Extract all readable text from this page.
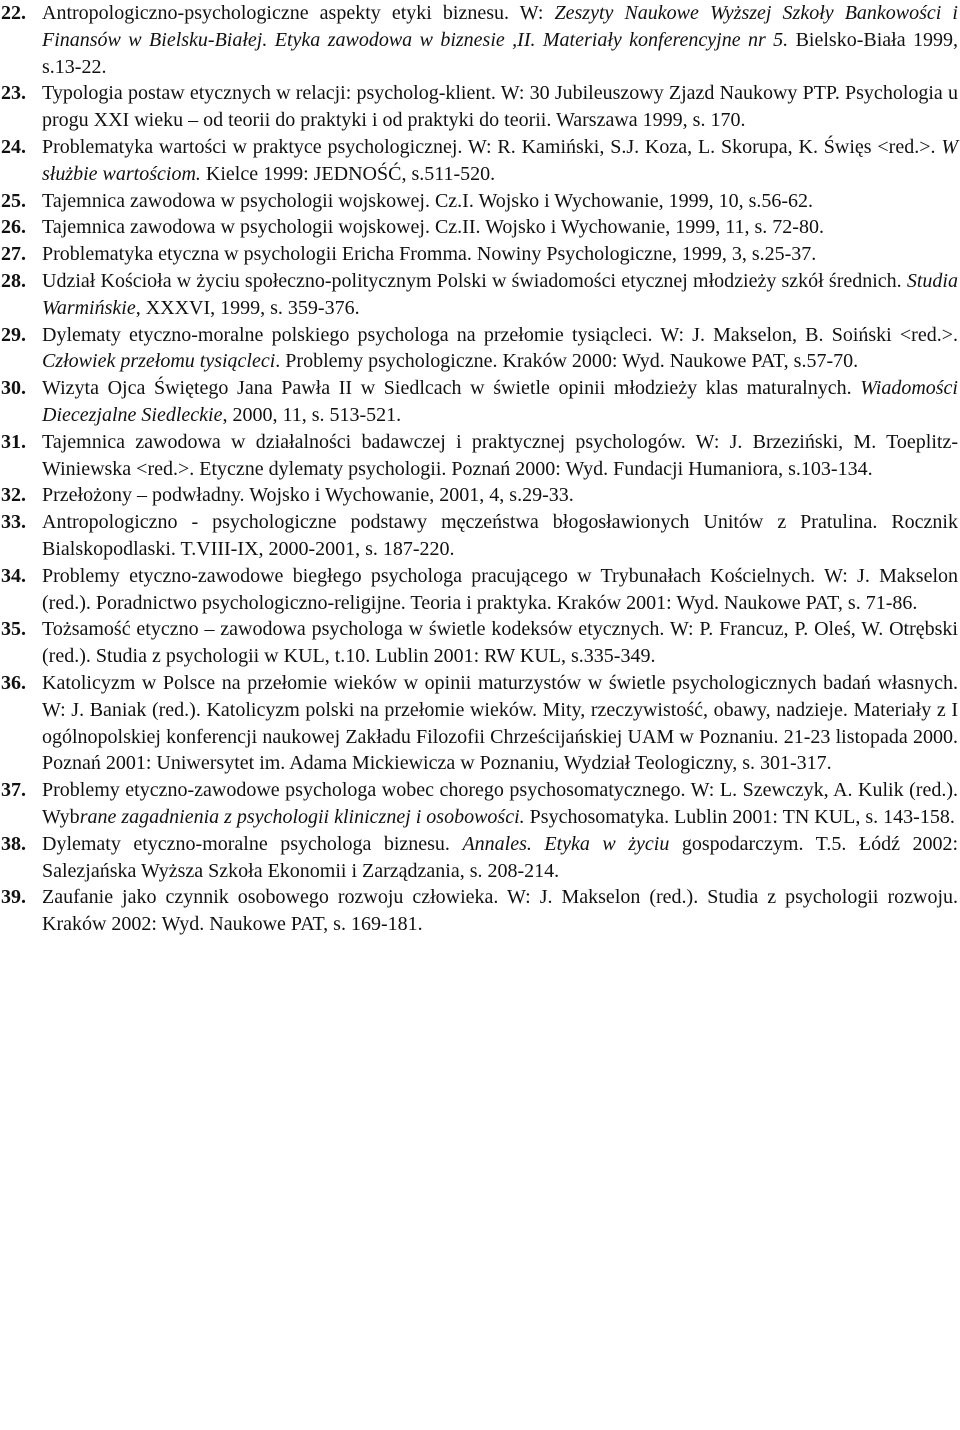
22. Antropologiczno-psychologiczne aspekty etyki biznesu. W: Zeszyty Naukowe Wyższej Szkoły Bankowości i Finansów w Bielsku-Białej. Etyka zawodowa w biznesie ,II. Materiały konferencyjne nr 5. Bielsko-Biała 1999, s.13-22.
23. Typologia postaw etycznych w relacji: psycholog-klient. W: 30 Jubileuszowy Zjazd Naukowy PTP. Psychologia u progu XXI wieku – od teorii do praktyki i od praktyki do teorii. Warszawa 1999, s. 170.
24. Problematyka wartości w praktyce psychologicznej. W: R. Kamiński, S.J. Koza, L. Skorupa, K. Święs <red.>. W służbie wartościom. Kielce 1999: JEDNOŚĆ, s.511-520.
25. Tajemnica zawodowa w psychologii wojskowej. Cz.I. Wojsko i Wychowanie, 1999, 10, s.56-62.
26. Tajemnica zawodowa w psychologii wojskowej. Cz.II. Wojsko i Wychowanie, 1999, 11, s. 72-80.
27. Problematyka etyczna w psychologii Ericha Fromma. Nowiny Psychologiczne, 1999, 3, s.25-37.
28. Udział Kościoła w życiu społeczno-politycznym Polski w świadomości etycznej młodzieży szkół średnich. Studia Warmińskie, XXXVI, 1999, s. 359-376.
29. Dylematy etyczno-moralne polskiego psychologa na przełomie tysiącleci. W: J. Makselon, B. Soiński <red.>. Człowiek przełomu tysiącleci. Problemy psychologiczne. Kraków 2000: Wyd. Naukowe PAT, s.57-70.
30. Wizyta Ojca Świętego Jana Pawła II w Siedlcach w świetle opinii młodzieży klas maturalnych. Wiadomości Diecezjalne Siedleckie, 2000, 11, s. 513-521.
31. Tajemnica zawodowa w działalności badawczej i praktycznej psychologów. W: J. Brzeziński, M. Toeplitz-Winiewska <red.>. Etyczne dylematy psychologii. Poznań 2000: Wyd. Fundacji Humaniora, s.103-134.
32. Przełożony – podwładny. Wojsko i Wychowanie, 2001, 4, s.29-33.
33. Antropologiczno - psychologiczne podstawy męczeństwa błogosławionych Unitów z Pratulina. Rocznik Bialskopodlaski. T.VIII-IX, 2000-2001, s. 187-220.
34. Problemy etyczno-zawodowe biegłego psychologa pracującego w Trybunałach Kościelnych. W: J. Makselon (red.). Poradnictwo psychologiczno-religijne. Teoria i praktyka. Kraków 2001: Wyd. Naukowe PAT, s. 71-86.
35. Tożsamość etyczno – zawodowa psychologa w świetle kodeksów etycznych. W: P. Francuz, P. Oleś, W. Otrębski (red.). Studia z psychologii w KUL, t.10. Lublin 2001: RW KUL, s.335-349.
36. Katolicyzm w Polsce na przełomie wieków w opinii maturzystów w świetle psychologicznych badań własnych. W: J. Baniak (red.). Katolicyzm polski na przełomie wieków. Mity, rzeczywistość, obawy, nadzieje. Materiały z I ogólnopolskiej konferencji naukowej Zakładu Filozofii Chrześcijańskiej UAM w Poznaniu. 21-23 listopada 2000. Poznań 2001: Uniwersytet im. Adama Mickiewicza w Poznaniu, Wydział Teologiczny, s. 301-317.
37. Problemy etyczno-zawodowe psychologa wobec chorego psychosomatycznego. W: L. Szewczyk, A. Kulik (red.). Wybrane zagadnienia z psychologii klinicznej i osobowości. Psychosomatyka. Lublin 2001: TN KUL, s. 143-158.
38. Dylematy etyczno-moralne psychologa biznesu. Annales. Etyka w życiu gospodarczym. T.5. Łódź 2002: Salezjańska Wyższa Szkoła Ekonomii i Zarządzania, s. 208-214.
39. Zaufanie jako czynnik osobowego rozwoju człowieka. W: J. Makselon (red.). Studia z psychologii rozwoju. Kraków 2002: Wyd. Naukowe PAT, s. 169-181.
